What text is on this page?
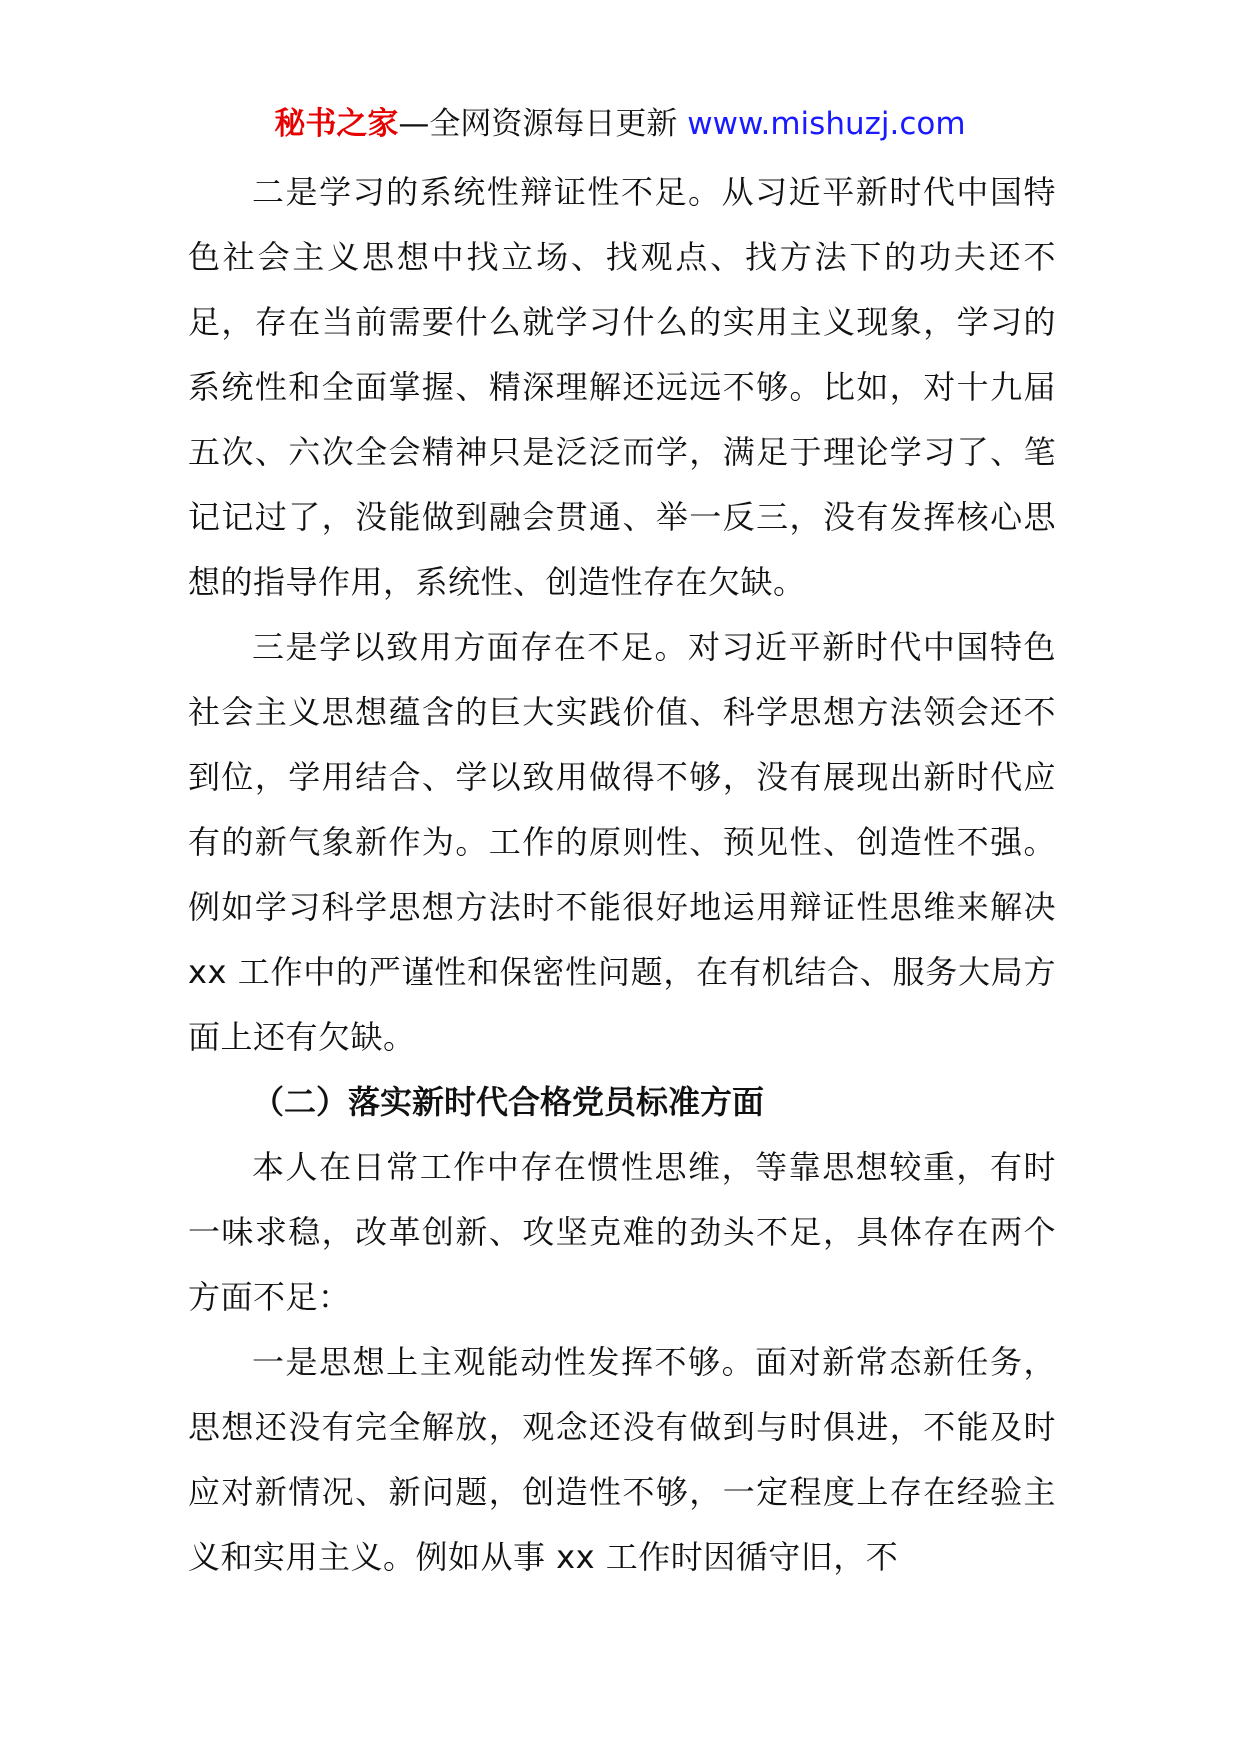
秘书之家—全网资源每日更新 www.mishuzj.com

二是学习的系统性辩证性不足。从习近平新时代中国特色社会主义思想中找立场、找观点、找方法下的功夫还不足，存在当前需要什么就学习什么的实用主义现象，学习的系统性和全面掌握、精深理解还远远不够。比如，对十九届五次、六次全会精神只是泛泛而学，满足于理论学习了、笔记记过了，没能做到融会贯通、举一反三，没有发挥核心思想的指导作用，系统性、创造性存在欠缺。

三是学以致用方面存在不足。对习近平新时代中国特色社会主义思想蕴含的巨大实践价值、科学思想方法领会还不到位，学用结合、学以致用做得不够，没有展现出新时代应有的新气象新作为。工作的原则性、预见性、创造性不强。例如学习科学思想方法时不能很好地运用辩证性思维来解决 xx 工作中的严谨性和保密性问题，在有机结合、服务大局方面上还有欠缺。

（二）落实新时代合格党员标准方面

本人在日常工作中存在惯性思维，等靠思想较重，有时一味求稳，改革创新、攻坚克难的劲头不足，具体存在两个方面不足：

一是思想上主观能动性发挥不够。面对新常态新任务，思想还没有完全解放，观念还没有做到与时俱进，不能及时应对新情况、新问题，创造性不够，一定程度上存在经验主义和实用主义。例如从事 xx 工作时因循守旧，不
